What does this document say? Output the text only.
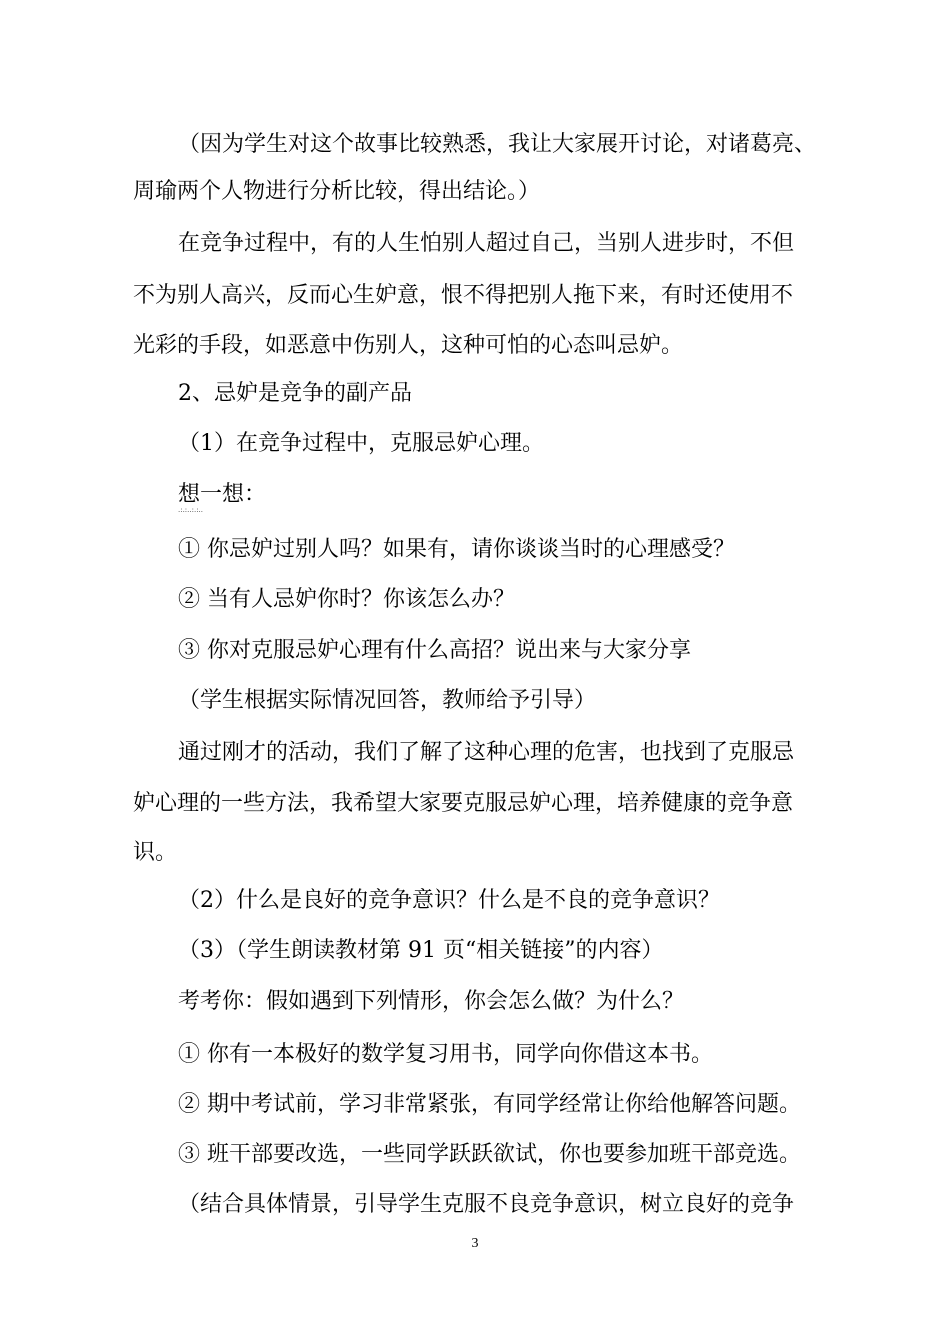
（因为学生对这个故事比较熟悉，我让大家展开讨论，对诸葛亮、
周瑜两个人物进行分析比较，得出结论。）
在竞争过程中，有的人生怕别人超过自己，当别人进步时，不但
不为别人高兴，反而心生妒意，恨不得把别人拖下来，有时还使用不
光彩的手段，如恶意中伤别人，这种可怕的心态叫忌妒。
2、忌妒是竞争的副产品
（1）在竞争过程中，克服忌妒心理。
想一想：
.:.:..:.:..
① 你忌妒过别人吗？如果有，请你谈谈当时的心理感受？
② 当有人忌妒你时？你该怎么办？
③ 你对克服忌妒心理有什么高招？说出来与大家分享
（学生根据实际情况回答，教师给予引导）
通过刚才的活动，我们了解了这种心理的危害，也找到了克服忌
妒心理的一些方法，我希望大家要克服忌妒心理，培养健康的竞争意
识。
（2）什么是良好的竞争意识？什么是不良的竞争意识？
（3）（学生朗读教材第 91 页“相关链接”的内容）
考考你：假如遇到下列情形，你会怎么做？为什么？
① 你有一本极好的数学复习用书，同学向你借这本书。
② 期中考试前，学习非常紧张，有同学经常让你给他解答问题。
③ 班干部要改选，一些同学跃跃欲试，你也要参加班干部竞选。
（结合具体情景，引导学生克服不良竞争意识，树立良好的竞争
3
